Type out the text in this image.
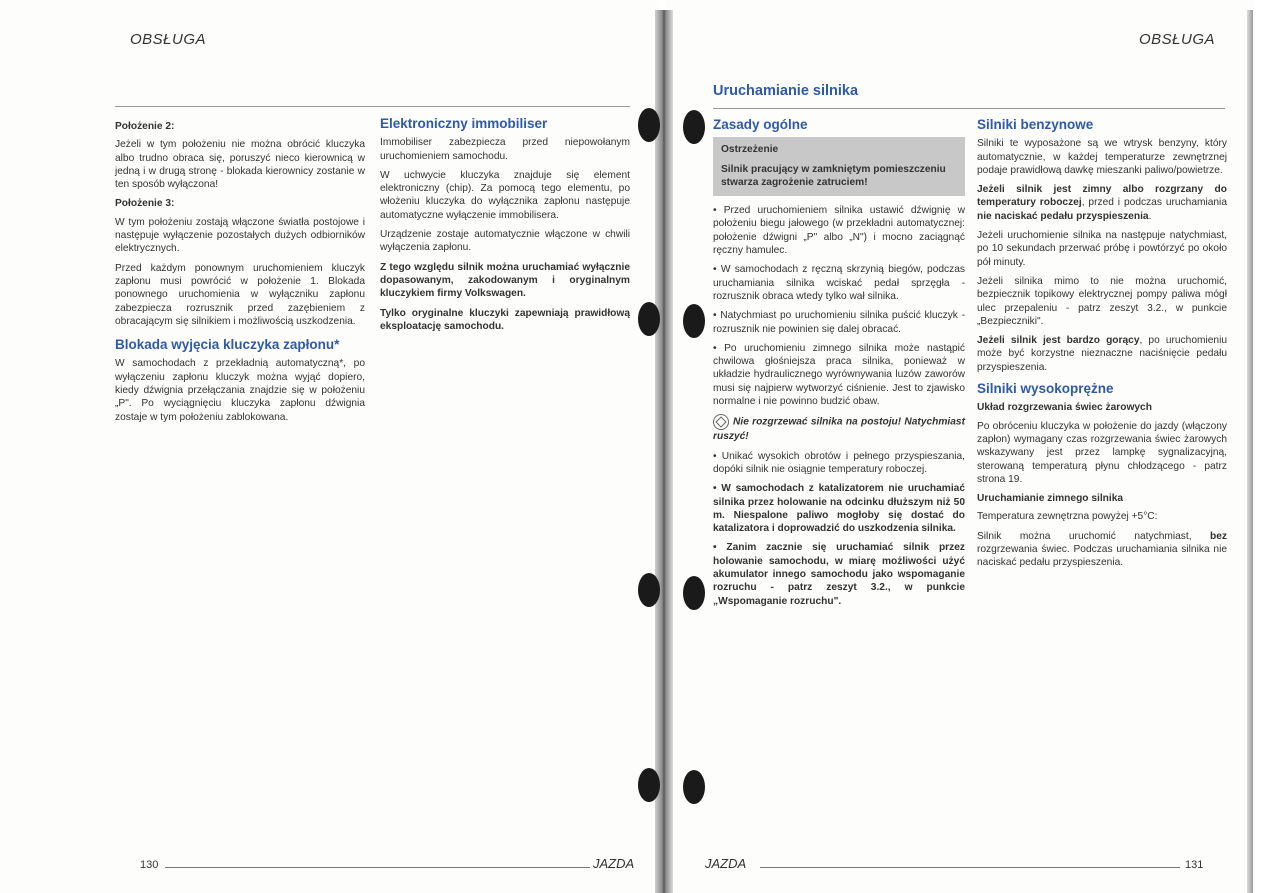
OBSŁUGA
Położenie 2:

Jeżeli w tym położeniu nie można obrócić kluczyka albo trudno obraca się, poruszyć nieco kierownicą w jedną i w drugą stronę - blokada kierownicy zostanie w ten sposób wyłączona!

Położenie 3:

W tym położeniu zostają włączone światła postojowe i następuje wyłączenie pozostałych dużych odbiorników elektrycznych.

Przed każdym ponownym uruchomieniem kluczyk zapłonu musi powrócić w położenie 1. Blokada ponownego uruchomienia w wyłączniku zapłonu zabezpiecza rozrusznik przed zazębieniem z obracającym się silnikiem i możliwością uszkodzenia.

Blokada wyjęcia kluczyka zapłonu*

W samochodach z przekładnią automatyczną*, po wyłączeniu zapłonu kluczyk można wyjąć dopiero, kiedy dźwignia przełączania znajdzie się w położeniu „P". Po wyciągnięciu kluczyka zapłonu dźwignia zostaje w tym położeniu zablokowana.

Elektroniczny immobiliser

Immobiliser zabezpiecza przed niepowołanym uruchomieniem samochodu.

W uchwycie kluczyka znajduje się element elektroniczny (chip). Za pomocą tego elementu, po włożeniu kluczyka do wyłącznika zapłonu następuje automatyczne wyłączenie immobilisera.

Urządzenie zostaje automatycznie włączone w chwili wyłączenia zapłonu.

Z tego względu silnik można uruchamiać wyłącznie dopasowanym, zakodowanym i oryginalnym kluczykiem firmy Volkswagen.

Tylko oryginalne kluczyki zapewniają prawidłową eksploatację samochodu.

130	JAZDA
OBSŁUGA
Uruchamianie silnika
Zasady ogólne
Ostrzeżenie
Silnik pracujący w zamkniętym pomieszczeniu stwarza zagrożenie zatruciem!

• Przed uruchomieniem silnika ustawić dźwignię w położeniu biegu jałowego (w przekładni automatycznej: położenie dźwigni „P" albo „N") i mocno zaciągnąć ręczny hamulec.

• W samochodach z ręczną skrzynią biegów, podczas uruchamiania silnika wciskać pedał sprzęgła - rozrusznik obraca wtedy tylko wał silnika.

• Natychmiast po uruchomieniu silnika puścić kluczyk - rozrusznik nie powinien się dalej obracać.

• Po uruchomieniu zimnego silnika może nastąpić chwilowa głośniejsza praca silnika, ponieważ w układzie hydraulicznego wyrównywania luzów zaworów musi się najpierw wytworzyć ciśnienie. Jest to zjawisko normalne i nie powinno budzić obaw.

Nie rozgrzewać silnika na postoju! Natychmiast ruszyć!

• Unikać wysokich obrotów i pełnego przyspieszania, dopóki silnik nie osiągnie temperatury roboczej.

• W samochodach z katalizatorem nie uruchamiać silnika przez holowanie na odcinku dłuższym niż 50 m. Niespalone paliwo mogłoby się dostać do katalizatora i doprowadzić do uszkodzenia silnika.

• Zanim zacznie się uruchamiać silnik przez holowanie samochodu, w miarę możliwości użyć akumulator innego samochodu jako wspomaganie rozruchu - patrz zeszyt 3.2., w punkcie „Wspomaganie rozruchu".

Silniki benzynowe

Silniki te wyposażone są we wtrysk benzyny, który automatycznie, w każdej temperaturze zewnętrznej podaje prawidłową dawkę mieszanki paliwo/powietrze.

Jeżeli silnik jest zimny albo rozgrzany do temperatury roboczej, przed i podczas uruchamiania nie naciskać pedału przyspieszenia.

Jeżeli uruchomienie silnika na następuje natychmiast, po 10 sekundach przerwać próbę i powtórzyć po około pół minuty.

Jeżeli silnika mimo to nie można uruchomić, bezpiecznik topikowy elektrycznej pompy paliwa mógł ulec przepaleniu - patrz zeszyt 3.2., w punkcie „Bezpieczniki".

Jeżeli silnik jest bardzo gorący, po uruchomieniu może być korzystne nieznaczne naciśnięcie pedału przyspieszenia.

Silniki wysokoprężne
Układ rozgrzewania świec żarowych

Po obróceniu kluczyka w położenie do jazdy (włączony zapłon) wymagany czas rozgrzewania świec żarowych wskazywany jest przez lampkę sygnalizacyjną, sterowaną temperaturą płynu chłodzącego - patrz strona 19.

Uruchamianie zimnego silnika

Temperatura zewnętrzna powyżej +5°C:

Silnik można uruchomić natychmiast, bez rozgrzewania świec. Podczas uruchamiania silnika nie naciskać pedału przyspieszenia.

JAZDA	131
